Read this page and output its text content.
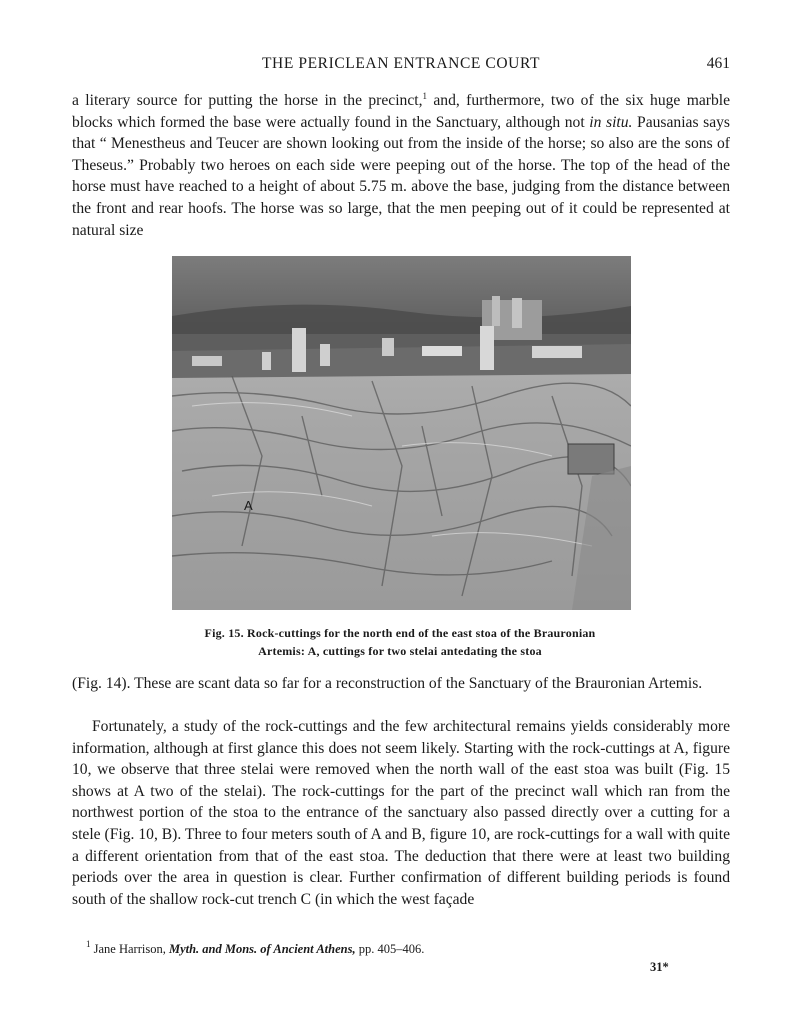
THE PERICLEAN ENTRANCE COURT	461

a literary source for putting the horse in the precinct,$^1$ and, furthermore, two of the six huge marble blocks which formed the base were actually found in the Sanctuary, although not in situ. Pausanias says that “ Menestheus and Teucer are shown looking out from the inside of the horse; so also are the sons of Theseus.” Probably two heroes on each side were peeping out of the horse. The top of the head of the horse must have reached to a height of about 5.75 m. above the base, judging from the distance between the front and rear hoofs. The horse was so large, that the men peeping out of it could be represented at natural size

A
Fig. 15. Rock-cuttings for the north end of the east stoa of the Brauronian
Artemis: A, cuttings for two stelai antedating the stoa

(Fig. 14). These are scant data so far for a reconstruction of the Sanctuary of the Brauronian Artemis.

Fortunately, a study of the rock-cuttings and the few architectural remains yields considerably more information, although at first glance this does not seem likely. Starting with the rock-cuttings at A, figure 10, we observe that three stelai were removed when the north wall of the east stoa was built (Fig. 15 shows at A two of the stelai). The rock-cuttings for the part of the precinct wall which ran from the northwest portion of the stoa to the entrance of the sanctuary also passed directly over a cutting for a stele (Fig. 10, B). Three to four meters south of A and B, figure 10, are rock-cuttings for a wall with quite a different orientation from that of the east stoa. The deduction that there were at least two building periods over the area in question is clear. Further confirmation of different building periods is found south of the shallow rock-cut trench C (in which the west façade

$^1$ Jane Harrison, Myth. and Mons. of Ancient Athens, pp. 405–406.
31*
